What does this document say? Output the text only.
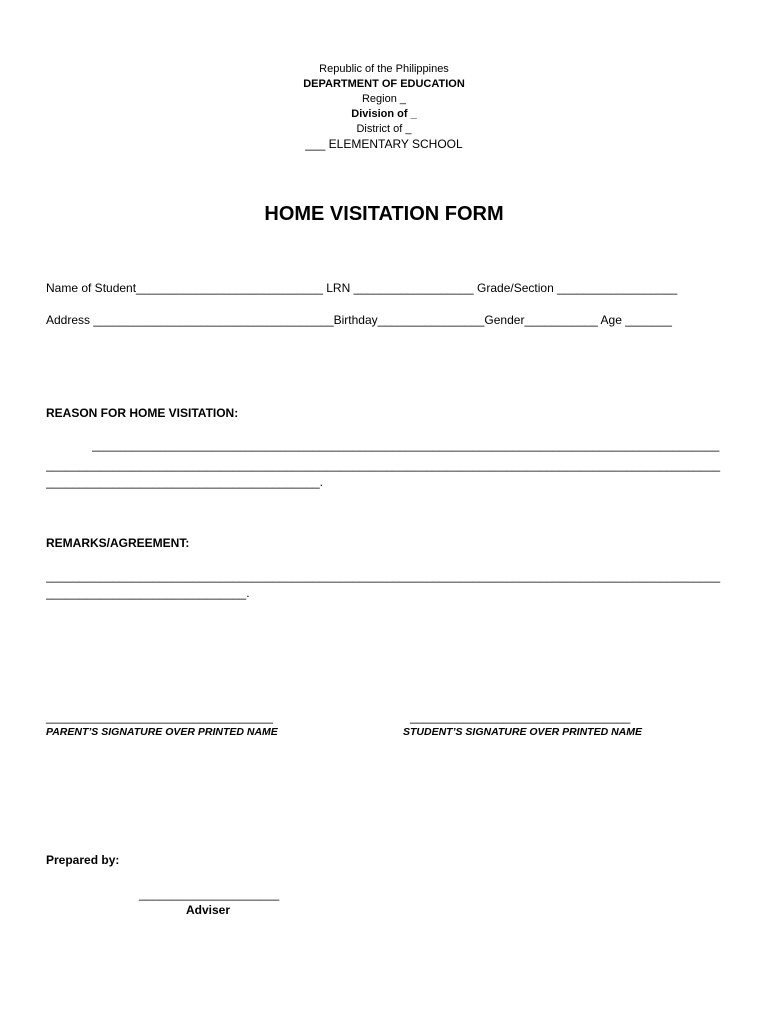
Republic of the Philippines
DEPARTMENT OF EDUCATION
Region _
Division of _
District of _
___ ELEMENTARY SCHOOL
HOME VISITATION FORM
Name of Student____________________________ LRN __________________ Grade/Section __________________
Address ____________________________________Birthday________________Gender___________ Age _______
REASON FOR HOME VISITATION:
______________________________________________________________________________________________
_____________________________________________________________________________________________________
_________________________________________.
REMARKS/AGREEMENT:
_____________________________________________________________________________________________________
______________________________.
__________________________________
PARENT’S SIGNATURE OVER PRINTED NAME
_________________________________
STUDENT’S SIGNATURE OVER PRINTED NAME
Prepared by:
_____________________
Adviser
